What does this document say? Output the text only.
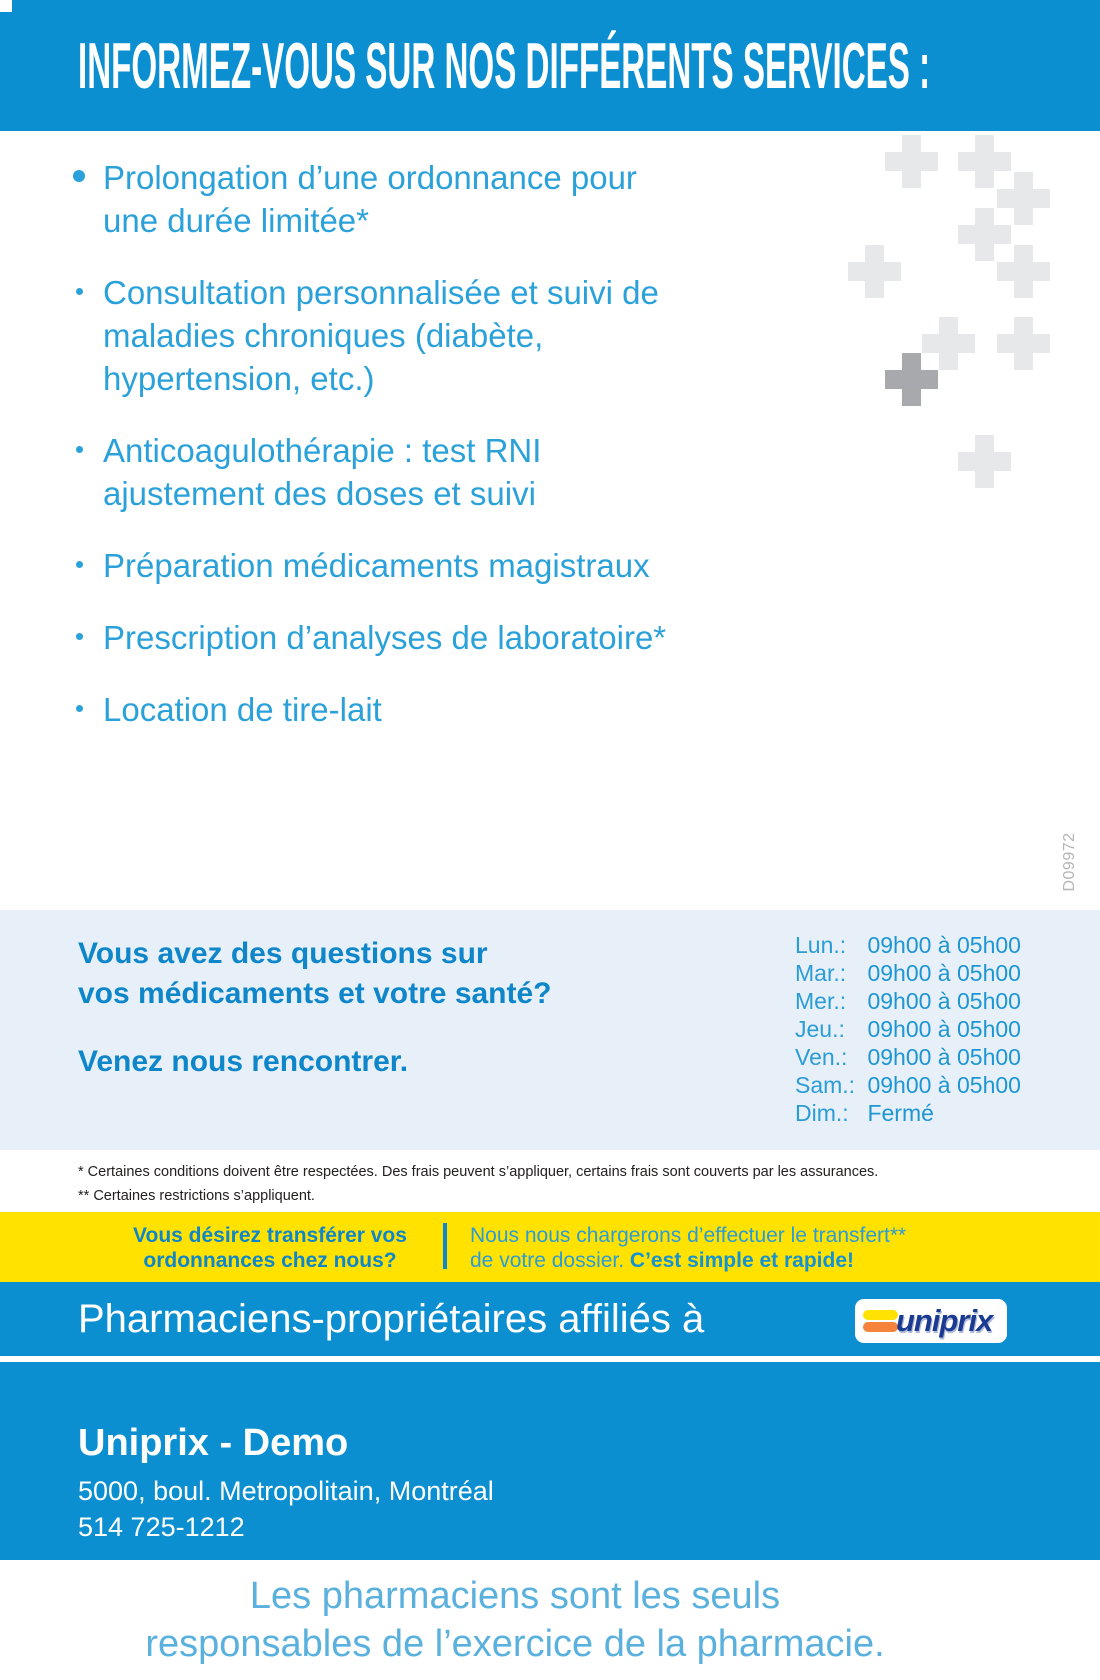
INFORMEZ-VOUS SUR NOS DIFFÉRENTS SERVICES :
Prolongation d’une ordonnance pour
une durée limitée*
Consultation personnalisée et suivi de
maladies chroniques (diabète,
hypertension, etc.)
Anticoagulothérapie : test RNI
ajustement des doses et suivi
Préparation médicaments magistraux
Prescription d’analyses de laboratoire*
Location de tire-lait
D09972
Vous avez des questions sur
vos médicaments et votre santé?
Venez nous rencontrer.
Lun.: 09h00 à 05h00
Mar.: 09h00 à 05h00
Mer.: 09h00 à 05h00
Jeu.: 09h00 à 05h00
Ven.: 09h00 à 05h00
Sam.: 09h00 à 05h00
Dim.: Fermé
* Certaines conditions doivent être respectées. Des frais peuvent s’appliquer, certains frais sont couverts par les assurances.
** Certaines restrictions s’appliquent.
Vous désirez transférer vos
ordonnances chez nous?
Nous nous chargerons d’effectuer le transfert**
de votre dossier. C’est simple et rapide!
Pharmaciens-propriétaires affiliés à	uniprix
Uniprix - Demo
5000, boul. Metropolitain, Montréal
514 725-1212
Les pharmaciens sont les seuls
responsables de l’exercice de la pharmacie.
